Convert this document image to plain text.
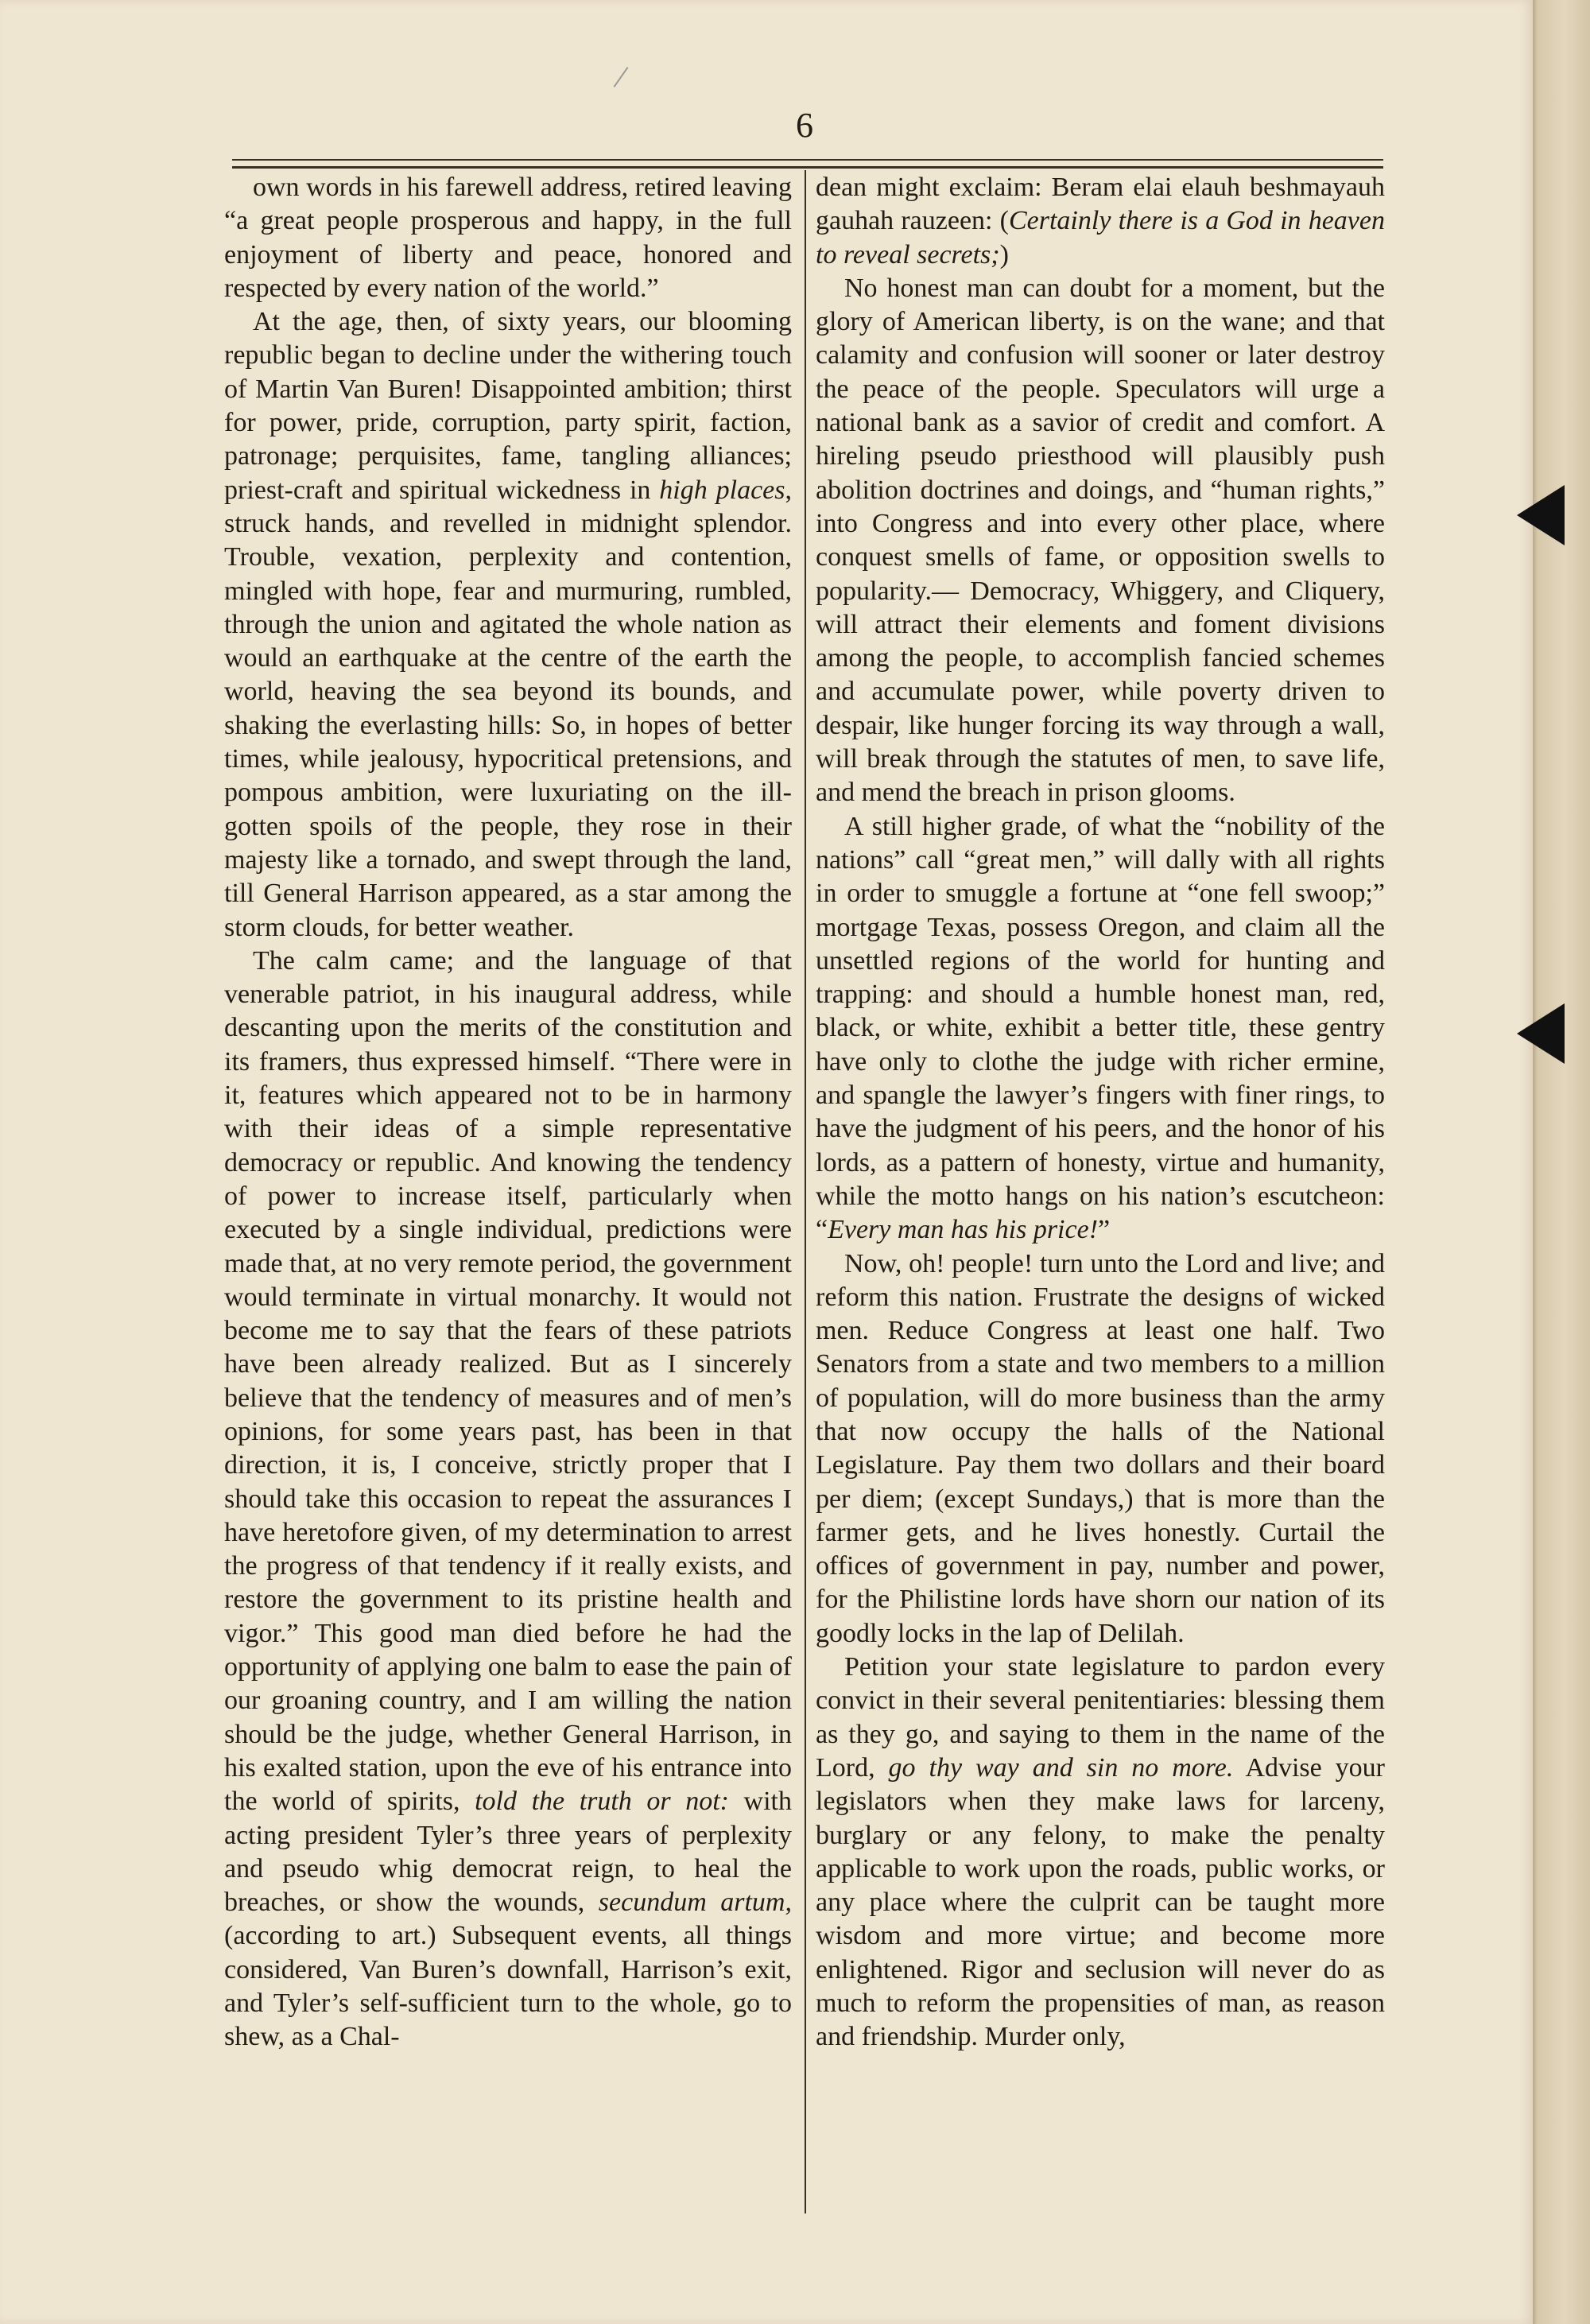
6

own words in his farewell address, retired leaving “a great people prosperous and happy, in the full enjoyment of liberty and peace, honored and respected by every nation of the world.”

At the age, then, of sixty years, our blooming republic began to decline under the withering touch of Martin Van Buren! Disappointed ambition; thirst for power, pride, corruption, party spirit, faction, patronage; perquisites, fame, tangling alliances; priest-craft and spiritual wickedness in high places, struck hands, and revelled in midnight splendor. Trouble, vexation, perplexity and contention, mingled with hope, fear and murmuring, rumbled, through the union and agitated the whole nation as would an earthquake at the centre of the earth the world, heaving the sea beyond its bounds, and shaking the everlasting hills: So, in hopes of better times, while jealousy, hypocritical pretensions, and pompous ambition, were luxuriating on the ill-gotten spoils of the people, they rose in their majesty like a tornado, and swept through the land, till General Harrison appeared, as a star among the storm clouds, for better weather.

The calm came; and the language of that venerable patriot, in his inaugural address, while descanting upon the merits of the constitution and its framers, thus expressed himself. “There were in it, features which appeared not to be in harmony with their ideas of a simple representative democracy or republic. And knowing the tendency of power to increase itself, particularly when executed by a single individual, predictions were made that, at no very remote period, the government would terminate in virtual monarchy. It would not become me to say that the fears of these patriots have been already realized. But as I sincerely believe that the tendency of measures and of men’s opinions, for some years past, has been in that direction, it is, I conceive, strictly proper that I should take this occasion to repeat the assurances I have heretofore given, of my determination to arrest the progress of that tendency if it really exists, and restore the government to its pristine health and vigor.” This good man died before he had the opportunity of applying one balm to ease the pain of our groaning country, and I am willing the nation should be the judge, whether General Harrison, in his exalted station, upon the eve of his entrance into the world of spirits, told the truth or not: with acting president Tyler’s three years of perplexity and pseudo whig democrat reign, to heal the breaches, or show the wounds, secundum artum, (according to art.) Subsequent events, all things considered, Van Buren’s downfall, Harrison’s exit, and Tyler’s self-sufficient turn to the whole, go to shew, as a Chal-

dean might exclaim: Beram elai elauh beshmayauh gauhah rauzeen: (Certainly there is a God in heaven to reveal secrets;)

No honest man can doubt for a moment, but the glory of American liberty, is on the wane; and that calamity and confusion will sooner or later destroy the peace of the people. Speculators will urge a national bank as a savior of credit and comfort. A hireling pseudo priesthood will plausibly push abolition doctrines and doings, and “human rights,” into Congress and into every other place, where conquest smells of fame, or opposition swells to popularity.— Democracy, Whiggery, and Cliquery, will attract their elements and foment divisions among the people, to accomplish fancied schemes and accumulate power, while poverty driven to despair, like hunger forcing its way through a wall, will break through the statutes of men, to save life, and mend the breach in prison glooms.

A still higher grade, of what the “nobility of the nations” call “great men,” will dally with all rights in order to smuggle a fortune at “one fell swoop;” mortgage Texas, possess Oregon, and claim all the unsettled regions of the world for hunting and trapping: and should a humble honest man, red, black, or white, exhibit a better title, these gentry have only to clothe the judge with richer ermine, and spangle the lawyer’s fingers with finer rings, to have the judgment of his peers, and the honor of his lords, as a pattern of honesty, virtue and humanity, while the motto hangs on his nation’s escutcheon: “Every man has his price!”

Now, oh! people! turn unto the Lord and live; and reform this nation. Frustrate the designs of wicked men. Reduce Congress at least one half. Two Senators from a state and two members to a million of population, will do more business than the army that now occupy the halls of the National Legislature. Pay them two dollars and their board per diem; (except Sundays,) that is more than the farmer gets, and he lives honestly. Curtail the offices of government in pay, number and power, for the Philistine lords have shorn our nation of its goodly locks in the lap of Delilah.

Petition your state legislature to pardon every convict in their several penitentiaries: blessing them as they go, and saying to them in the name of the Lord, go thy way and sin no more. Advise your legislators when they make laws for larceny, burglary or any felony, to make the penalty applicable to work upon the roads, public works, or any place where the culprit can be taught more wisdom and more virtue; and become more enlightened. Rigor and seclusion will never do as much to reform the propensities of man, as reason and friendship. Murder only,
